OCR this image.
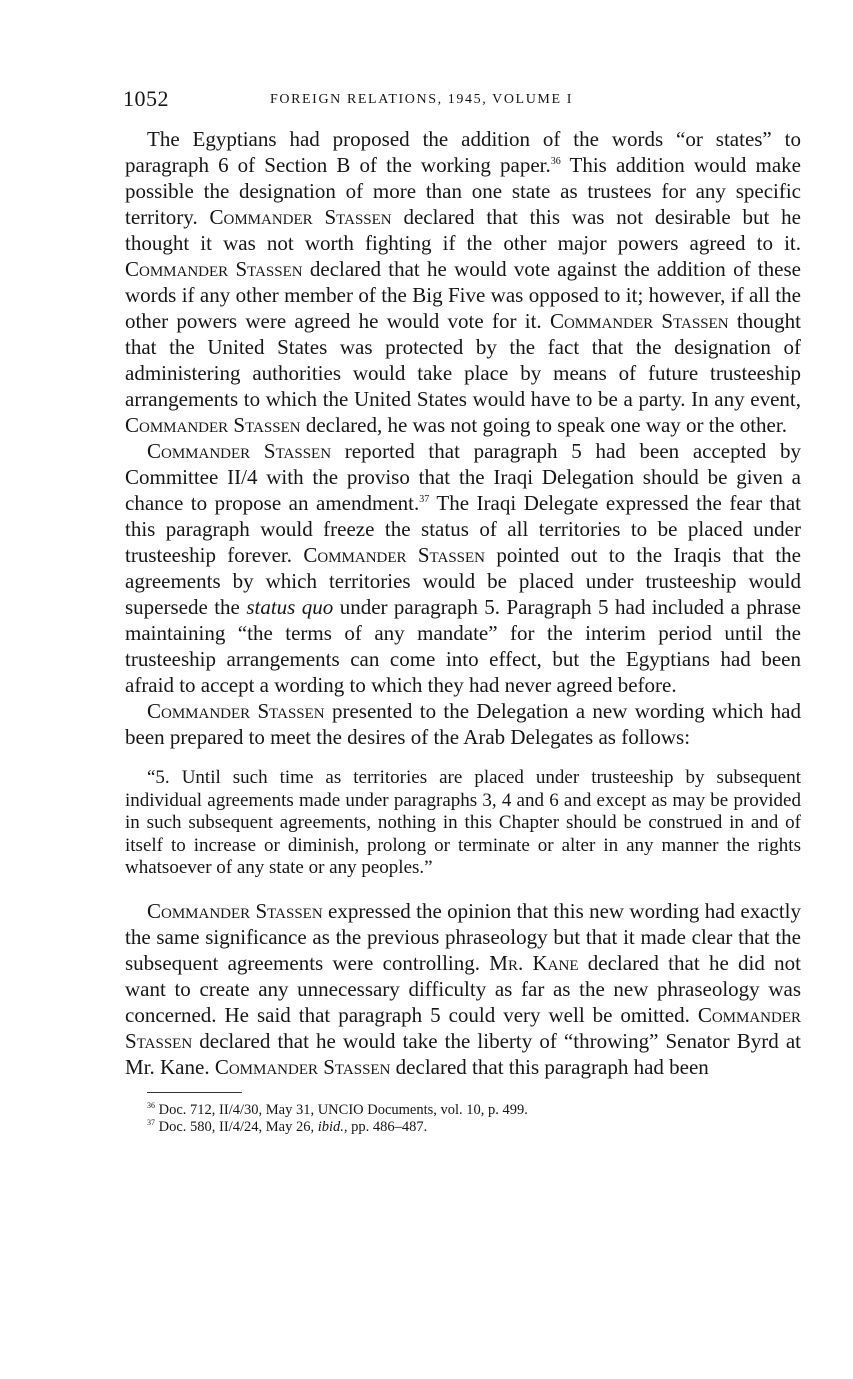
1052	FOREIGN RELATIONS, 1945, VOLUME I

The Egyptians had proposed the addition of the words “or states” to paragraph 6 of Section B of the working paper.$^{36}$ This addition would make possible the designation of more than one state as trustees for any specific territory. Commander Stassen declared that this was not desirable but he thought it was not worth fighting if the other major powers agreed to it. Commander Stassen declared that he would vote against the addition of these words if any other member of the Big Five was opposed to it; however, if all the other powers were agreed he would vote for it. Commander Stassen thought that the United States was protected by the fact that the designation of administering authorities would take place by means of future trusteeship arrangements to which the United States would have to be a party. In any event, Commander Stassen declared, he was not going to speak one way or the other.

Commander Stassen reported that paragraph 5 had been accepted by Committee II/4 with the proviso that the Iraqi Delegation should be given a chance to propose an amendment.$^{37}$ The Iraqi Delegate expressed the fear that this paragraph would freeze the status of all territories to be placed under trusteeship forever. Commander Stassen pointed out to the Iraqis that the agreements by which territories would be placed under trusteeship would supersede the status quo under paragraph 5. Paragraph 5 had included a phrase maintaining “the terms of any mandate” for the interim period until the trusteeship arrangements can come into effect, but the Egyptians had been afraid to accept a wording to which they had never agreed before.

Commander Stassen presented to the Delegation a new wording which had been prepared to meet the desires of the Arab Delegates as follows:

“5. Until such time as territories are placed under trusteeship by subsequent individual agreements made under paragraphs 3, 4 and 6 and except as may be provided in such subsequent agreements, nothing in this Chapter should be construed in and of itself to increase or diminish, prolong or terminate or alter in any manner the rights whatsoever of any state or any peoples.”

Commander Stassen expressed the opinion that this new wording had exactly the same significance as the previous phraseology but that it made clear that the subsequent agreements were controlling. Mr. Kane declared that he did not want to create any unnecessary difficulty as far as the new phraseology was concerned. He said that paragraph 5 could very well be omitted. Commander Stassen declared that he would take the liberty of “throwing” Senator Byrd at Mr. Kane. Commander Stassen declared that this paragraph had been

$^{36}$ Doc. 712, II/4/30, May 31, UNCIO Documents, vol. 10, p. 499.
$^{37}$ Doc. 580, II/4/24, May 26, ibid., pp. 486–487.
